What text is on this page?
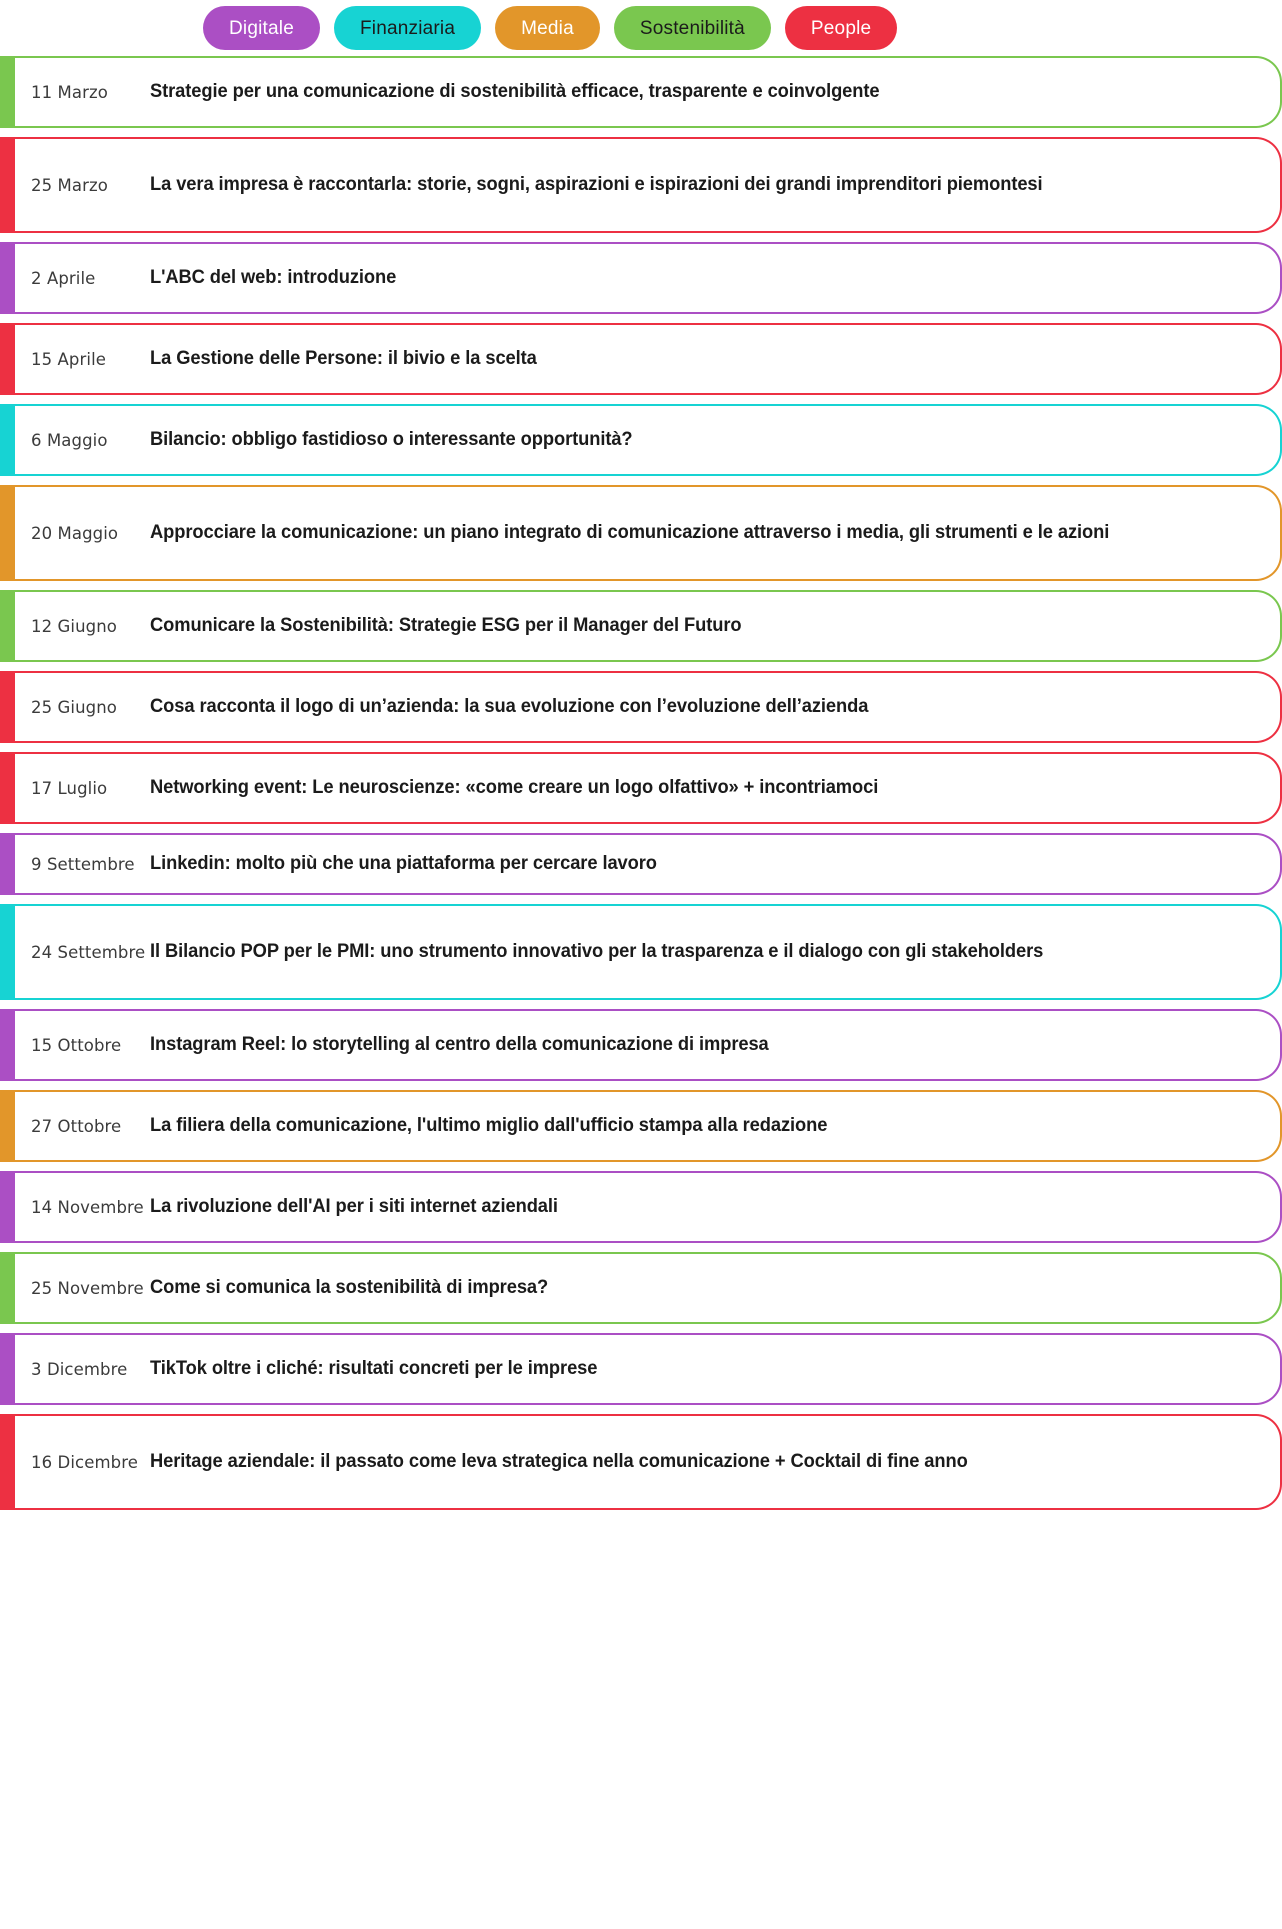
Digitale	Finanziaria	Media	Sostenibilità	People
11 Marzo	Strategie per una comunicazione di sostenibilità efficace, trasparente e coinvolgente
25 Marzo	La vera impresa è raccontarla: storie, sogni, aspirazioni e ispirazioni dei grandi imprenditori piemontesi
2 Aprile	L'ABC del web: introduzione
15 Aprile	La Gestione delle Persone: il bivio e la scelta
6 Maggio	Bilancio: obbligo fastidioso o interessante opportunità?
20 Maggio	Approcciare la comunicazione: un piano integrato di comunicazione attraverso i media, gli strumenti e le azioni
12 Giugno	Comunicare la Sostenibilità: Strategie ESG per il Manager del Futuro
25 Giugno	Cosa racconta il logo di un’azienda: la sua evoluzione con l’evoluzione dell’azienda
17 Luglio	Networking event: Le neuroscienze: «come creare un logo olfattivo» + incontriamoci
9 Settembre Linkedin: molto più che una piattaforma per cercare lavoro
24 Settembre Il Bilancio POP per le PMI: uno strumento innovativo per la trasparenza e il dialogo con gli stakeholders
15 Ottobre	Instagram Reel: lo storytelling al centro della comunicazione di impresa
27 Ottobre	La filiera della comunicazione, l'ultimo miglio dall'ufficio stampa alla redazione
14 Novembre La rivoluzione dell'AI per i siti internet aziendali
25 Novembre Come si comunica la sostenibilità di impresa?
3 Dicembre	TikTok oltre i cliché: risultati concreti per le imprese
16 Dicembre Heritage aziendale: il passato come leva strategica nella comunicazione + Cocktail di fine anno
